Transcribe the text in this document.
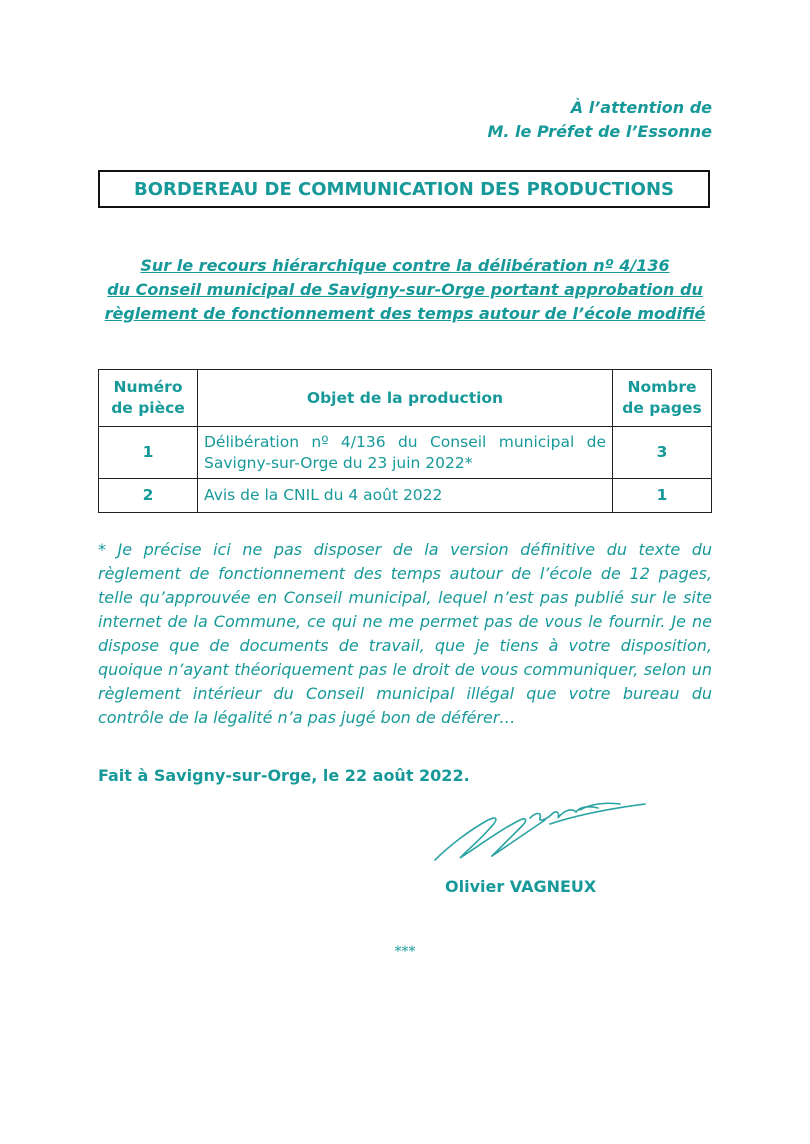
À l’attention de
M. le Préfet de l’Essonne
BORDEREAU DE COMMUNICATION DES PRODUCTIONS
Sur le recours hiérarchique contre la délibération nº 4/136
du Conseil municipal de Savigny-sur-Orge portant approbation du
règlement de fonctionnement des temps autour de l’école modifié
Numéro de pièce	Objet de la production	Nombre de pages
1	Délibération nº 4/136 du Conseil municipal de Savigny-sur-Orge du 23 juin 2022*	3
2	Avis de la CNIL du 4 août 2022	1
* Je précise ici ne pas disposer de la version définitive du texte du règlement de fonctionnement des temps autour de l’école de 12 pages, telle qu’approuvée en Conseil municipal, lequel n’est pas publié sur le site internet de la Commune, ce qui ne me permet pas de vous le fournir. Je ne dispose que de documents de travail, que je tiens à votre disposition, quoique n’ayant théoriquement pas le droit de vous communiquer, selon un règlement intérieur du Conseil municipal illégal que votre bureau du contrôle de la légalité n’a pas jugé bon de déférer…
Fait à Savigny-sur-Orge, le 22 août 2022.
Olivier VAGNEUX
***
